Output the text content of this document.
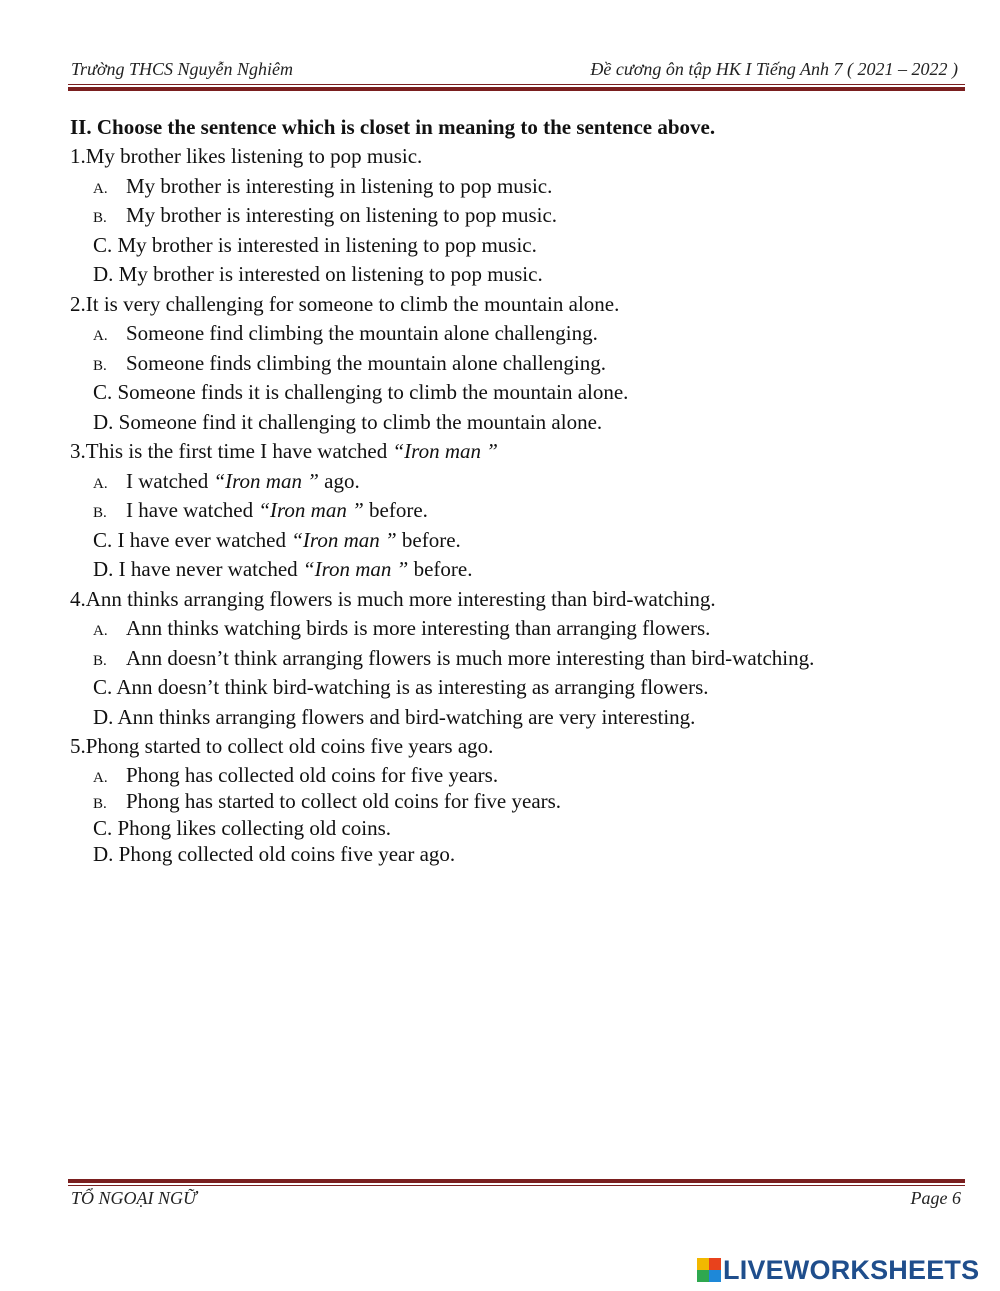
Trường THCS Nguyễn Nghiêm	Đề cương ôn tập HK I Tiếng Anh 7 ( 2021 – 2022 )
II. Choose the sentence which is closet in meaning to the sentence above.
1.My brother likes listening to pop music.
A. My brother is interesting in listening to pop music.
B. My brother is interesting on listening to pop music.
C. My brother is interested in listening to pop music.
D. My brother is interested on listening to pop music.
2.It is very challenging for someone to climb the mountain alone.
A. Someone find climbing the mountain alone challenging.
B. Someone finds climbing the mountain alone challenging.
C. Someone finds it is challenging to climb the mountain alone.
D. Someone find it challenging to climb the mountain alone.
3.This is the first time I have watched “Iron man ”
A. I watched “Iron man ” ago.
B. I have watched “Iron man ” before.
C. I have ever watched “Iron man ” before.
D. I have never watched “Iron man ” before.
4.Ann thinks arranging flowers is much more interesting than bird-watching.
A. Ann thinks watching birds is more interesting than arranging flowers.
B. Ann doesn’t think arranging flowers is much more interesting than bird-watching.
C. Ann doesn’t think bird-watching is as interesting as arranging flowers.
D. Ann thinks arranging flowers and bird-watching are very interesting.
5.Phong started to collect old coins five years ago.
A. Phong has collected old coins for five years.
B. Phong has started to collect old coins for five years.
C. Phong likes collecting old coins.
D. Phong collected old coins five year ago.
TỔ NGOẠI NGỮ	Page 6
LIVEWORKSHEETS
